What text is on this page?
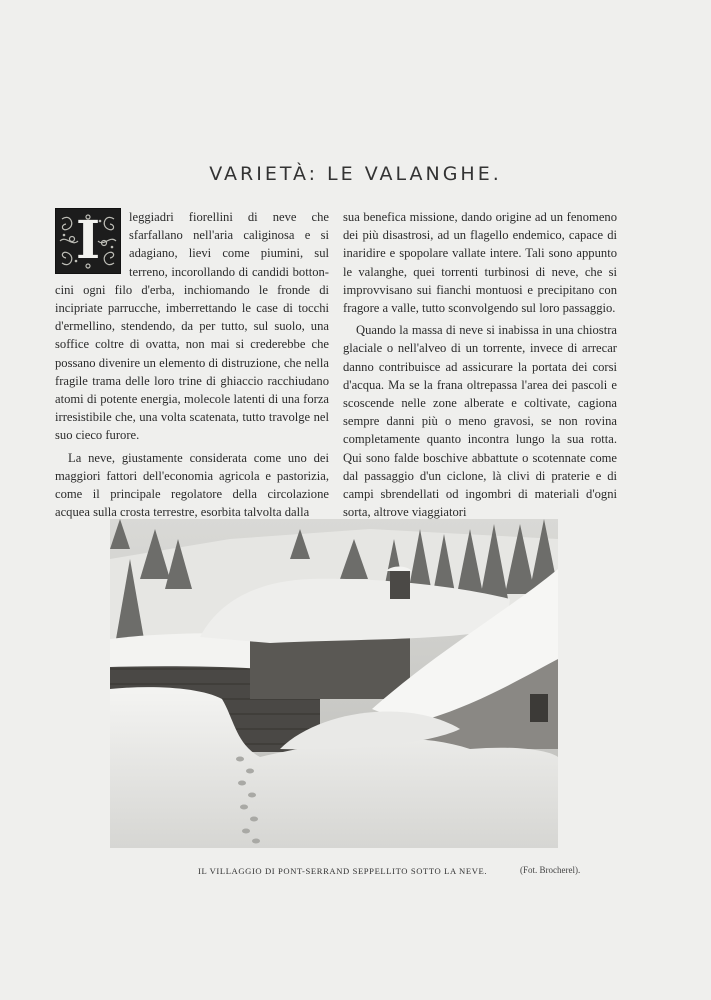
VARIETÀ: LE VALANGHE.
I	leggiadri fiorellini di neve che sfarfallano nell'aria caliginosa e si adagiano, lievi come piumini, sul terreno, incorollando di candidi bottoncini ogni filo d'erba, inchiomando le fronde di incipriate parrucche, imberrettando le case di tocchi d'ermellino, stendendo, da per tutto, sul suolo, una soffice coltre di ovatta, non mai si crederebbe che possano divenire un elemento di distruzione, che nella fragile trama delle loro trine di ghiaccio racchiudano atomi di potente energia, molecole latenti di una forza irresistibile che, una volta scatenata, tutto travolge nel suo cieco furore.

La neve, giustamente considerata come uno dei maggiori fattori dell'economia agricola e pastorizia, come il principale regolatore della circolazione acquea sulla crosta terrestre, esorbita talvolta dalla

sua benefica missione, dando origine ad un fenomeno dei più disastrosi, ad un flagello endemico, capace di inaridire e spopolare vallate intere. Tali sono appunto le valanghe, quei torrenti turbinosi di neve, che si improvvisano sui fianchi montuosi e precipitano con fragore a valle, tutto sconvolgendo sul loro passaggio.

Quando la massa di neve si inabissa in una chiostra glaciale o nell'alveo di un torrente, invece di arrecar danno contribuisce ad assicurare la portata dei corsi d'acqua. Ma se la frana oltrepassa l'area dei pascoli e scoscende nelle zone alberate e coltivate, cagiona sempre danni più o meno gravosi, se non rovina completamente quanto incontra lungo la sua rotta. Qui sono falde boschive abbattute o scotennate come dal passaggio d'un ciclone, là clivi di praterie e di campi sbrendellati od ingombri di materiali d'ogni sorta, altrove viaggiatori

IL VILLAGGIO DI PONT-SERRAND SEPPELLITO SOTTO LA NEVE.	(Fot. Brocherel).
